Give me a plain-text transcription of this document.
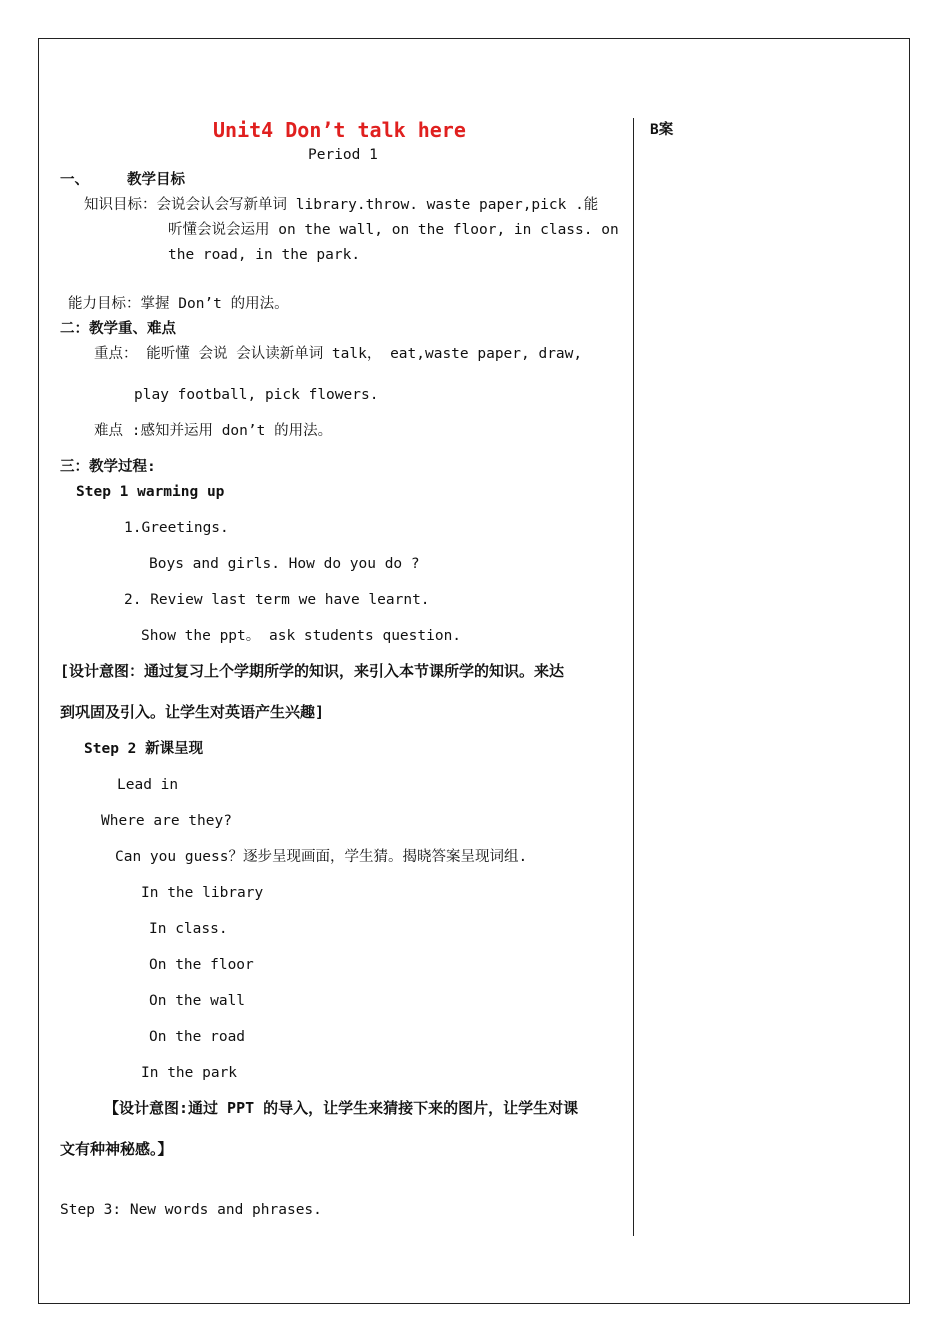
Unit4 Don’t talk here
Period 1
B案
一、	教学目标
知识目标：会说会认会写新单词 library.throw. waste paper,pick .能
听懂会说会运用 on the wall, on the floor, in class. on
the road, in the park.
能力目标：掌握 Don’t 的用法。
二：教学重、难点
重点： 能听懂 会说 会认读新单词 talk， eat,waste paper, draw,
play football, pick flowers.
难点 :感知并运用 don’t 的用法。
三：教学过程:
Step 1 warming up
1.Greetings.
Boys and girls. How do you do ?
2. Review last term we have learnt.
Show the ppt。 ask students question.
[设计意图：通过复习上个学期所学的知识，来引入本节课所学的知识。来达
到巩固及引入。让学生对英语产生兴趣]
Step 2 新课呈现
Lead in
Where are they?
Can you guess？逐步呈现画面，学生猜。揭晓答案呈现词组.
In the library
In class.
On the floor
On the wall
On the road
In the park
【设计意图:通过 PPT 的导入，让学生来猜接下来的图片，让学生对课
文有种神秘感。】
Step 3: New words and phrases.
